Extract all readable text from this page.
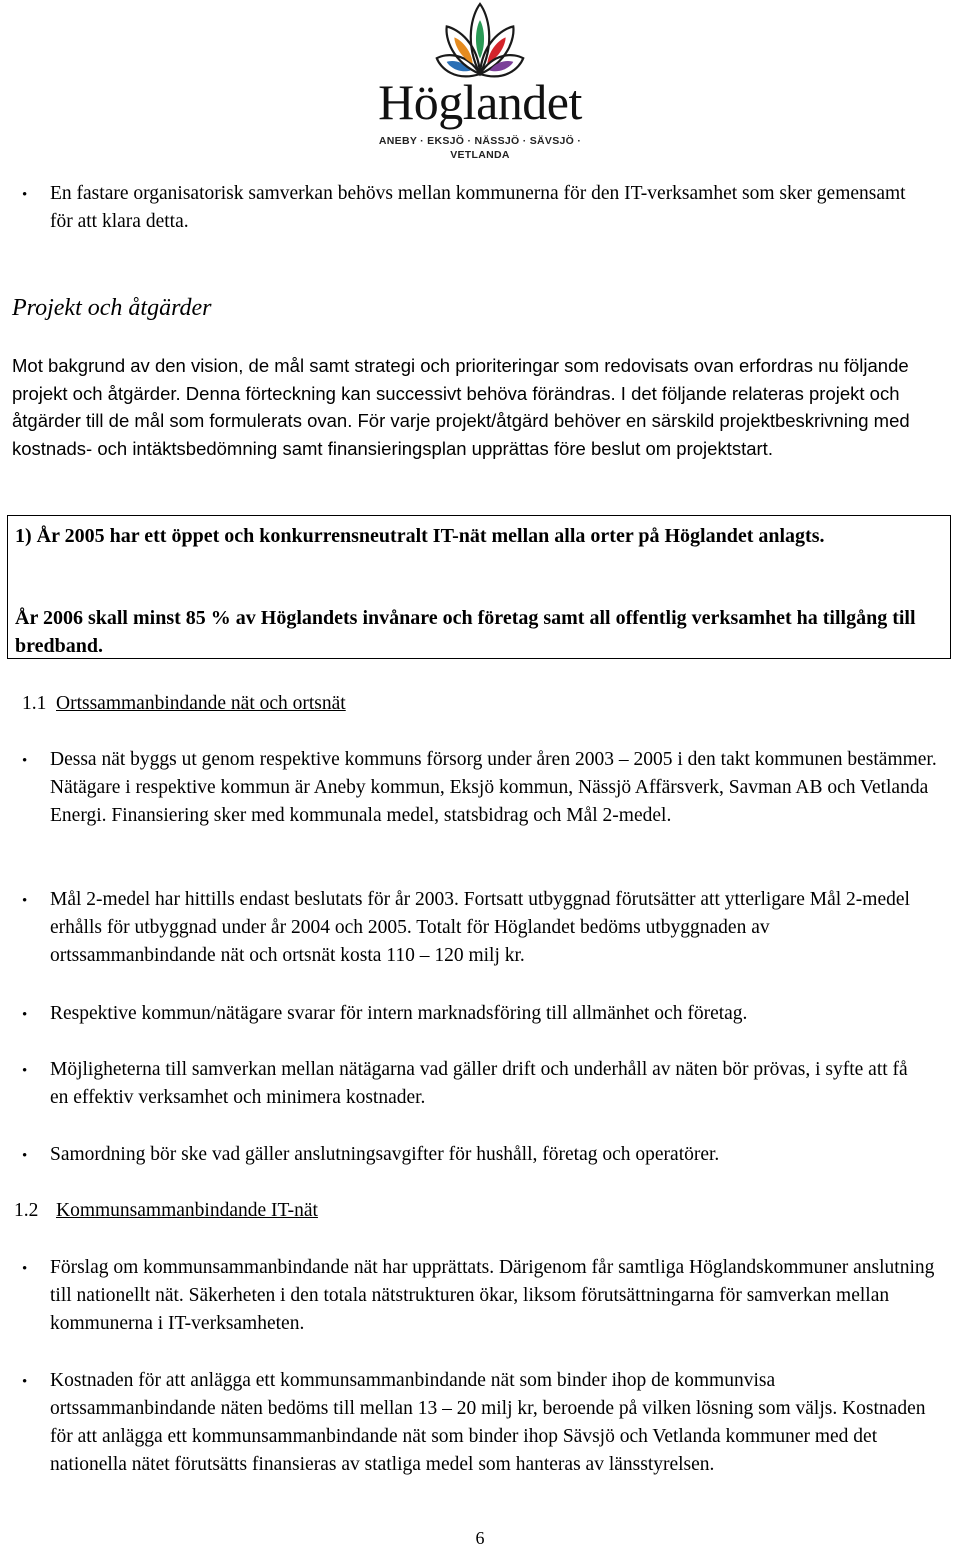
Höglandet
ANEBY · EKSJÖ · NÄSSJÖ · SÄVSJÖ · VETLANDA
• En fastare organisatorisk samverkan behövs mellan kommunerna för den IT-verksamhet som sker gemensamt för att klara detta.
Projekt och åtgärder
Mot bakgrund av den vision, de mål samt strategi och prioriteringar som redovisats ovan erfordras nu följande projekt och åtgärder. Denna förteckning kan successivt behöva förändras. I det följande relateras projekt och åtgärder till de mål som formulerats ovan. För varje projekt/åtgärd behöver en särskild projektbeskrivning med kostnads- och intäktsbedömning samt finansieringsplan upprättas före beslut om projektstart.
1) År 2005 har ett öppet och konkurrensneutralt IT-nät mellan alla orter på Höglandet anlagts.
År 2006 skall minst 85 % av Höglandets invånare och företag samt all offentlig verksamhet ha tillgång till bredband.
1.1 Ortssammanbindande nät och ortsnät
• Dessa nät byggs ut genom respektive kommuns försorg under åren 2003 – 2005 i den takt kommunen bestämmer. Nätägare i respektive kommun är Aneby kommun, Eksjö kommun, Nässjö Affärsverk, Savman AB och Vetlanda Energi. Finansiering sker med kommunala medel, statsbidrag och Mål 2-medel.
• Mål 2-medel har hittills endast beslutats för år 2003. Fortsatt utbyggnad förutsätter att ytterligare Mål 2-medel erhålls för utbyggnad under år 2004 och 2005. Totalt för Höglandet bedöms utbyggnaden av ortssammanbindande nät och ortsnät kosta 110 – 120 milj kr.
• Respektive kommun/nätägare svarar för intern marknadsföring till allmänhet och företag.
• Möjligheterna till samverkan mellan nätägarna vad gäller drift och underhåll av näten bör prövas, i syfte att få en effektiv verksamhet och minimera kostnader.
• Samordning bör ske vad gäller anslutningsavgifter för hushåll, företag och operatörer.
1.2 Kommunsammanbindande IT-nät
• Förslag om kommunsammanbindande nät har upprättats. Därigenom får samtliga Höglandskommuner anslutning till nationellt nät. Säkerheten i den totala nätstrukturen ökar, liksom förutsättningarna för samverkan mellan kommunerna i IT-verksamheten.
• Kostnaden för att anlägga ett kommunsammanbindande nät som binder ihop de kommunvisa ortssammanbindande näten bedöms till mellan 13 – 20 milj kr, beroende på vilken lösning som väljs. Kostnaden för att anlägga ett kommunsammanbindande nät som binder ihop Sävsjö och Vetlanda kommuner med det nationella nätet förutsätts finansieras av statliga medel som hanteras av länsstyrelsen.
6
